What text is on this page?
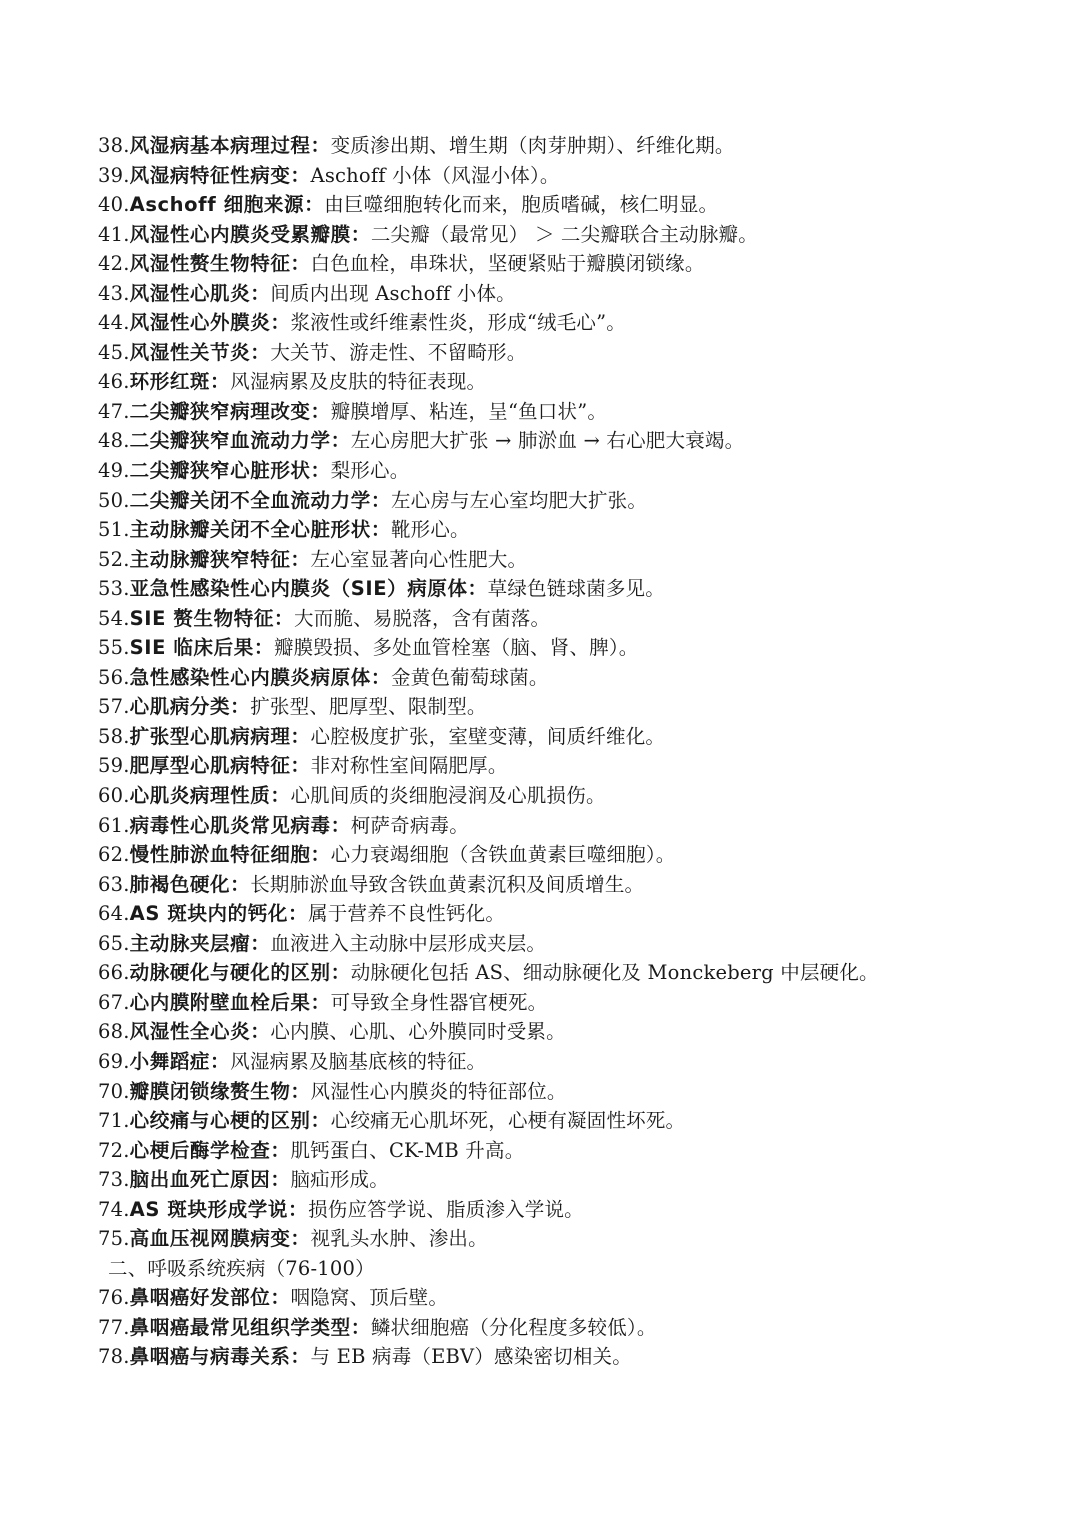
38.风湿病基本病理过程：变质渗出期、增生期（肉芽肿期）、纤维化期。
39.风湿病特征性病变：Aschoff 小体（风湿小体）。
40.Aschoff 细胞来源：由巨噬细胞转化而来，胞质嗜碱，核仁明显。
41.风湿性心内膜炎受累瓣膜：二尖瓣（最常见） ＞ 二尖瓣联合主动脉瓣。
42.风湿性赘生物特征：白色血栓，串珠状，坚硬紧贴于瓣膜闭锁缘。
43.风湿性心肌炎：间质内出现 Aschoff 小体。
44.风湿性心外膜炎：浆液性或纤维素性炎，形成“绒毛心”。
45.风湿性关节炎：大关节、游走性、不留畸形。
46.环形红斑：风湿病累及皮肤的特征表现。
47.二尖瓣狭窄病理改变：瓣膜增厚、粘连，呈“鱼口状”。
48.二尖瓣狭窄血流动力学：左心房肥大扩张 → 肺淤血 → 右心肥大衰竭。
49.二尖瓣狭窄心脏形状：梨形心。
50.二尖瓣关闭不全血流动力学：左心房与左心室均肥大扩张。
51.主动脉瓣关闭不全心脏形状：靴形心。
52.主动脉瓣狭窄特征：左心室显著向心性肥大。
53.亚急性感染性心内膜炎（SIE）病原体：草绿色链球菌多见。
54.SIE 赘生物特征：大而脆、易脱落，含有菌落。
55.SIE 临床后果：瓣膜毁损、多处血管栓塞（脑、肾、脾）。
56.急性感染性心内膜炎病原体：金黄色葡萄球菌。
57.心肌病分类：扩张型、肥厚型、限制型。
58.扩张型心肌病病理：心腔极度扩张，室壁变薄，间质纤维化。
59.肥厚型心肌病特征：非对称性室间隔肥厚。
60.心肌炎病理性质：心肌间质的炎细胞浸润及心肌损伤。
61.病毒性心肌炎常见病毒：柯萨奇病毒。
62.慢性肺淤血特征细胞：心力衰竭细胞（含铁血黄素巨噬细胞）。
63.肺褐色硬化：长期肺淤血导致含铁血黄素沉积及间质增生。
64.AS 斑块内的钙化：属于营养不良性钙化。
65.主动脉夹层瘤：血液进入主动脉中层形成夹层。
66.动脉硬化与硬化的区别：动脉硬化包括 AS、细动脉硬化及 Monckeberg 中层硬化。
67.心内膜附壁血栓后果：可导致全身性器官梗死。
68.风湿性全心炎：心内膜、心肌、心外膜同时受累。
69.小舞蹈症：风湿病累及脑基底核的特征。
70.瓣膜闭锁缘赘生物：风湿性心内膜炎的特征部位。
71.心绞痛与心梗的区别：心绞痛无心肌坏死，心梗有凝固性坏死。
72.心梗后酶学检查：肌钙蛋白、CK-MB 升高。
73.脑出血死亡原因：脑疝形成。
74.AS 斑块形成学说：损伤应答学说、脂质渗入学说。
75.高血压视网膜病变：视乳头水肿、渗出。
二、呼吸系统疾病（76-100）
76.鼻咽癌好发部位：咽隐窝、顶后壁。
77.鼻咽癌最常见组织学类型：鳞状细胞癌（分化程度多较低）。
78.鼻咽癌与病毒关系：与 EB 病毒（EBV）感染密切相关。
